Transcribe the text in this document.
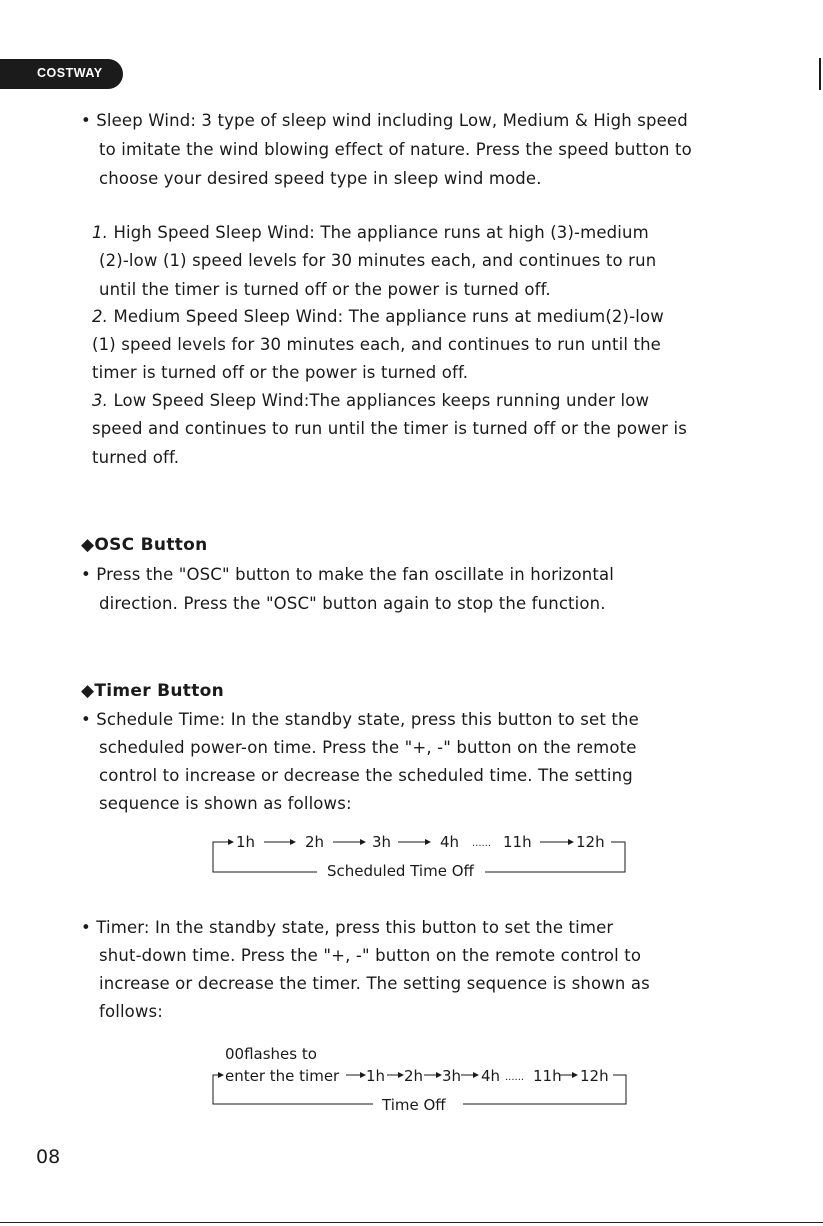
COSTWAY
• Sleep Wind: 3 type of sleep wind including Low, Medium & High speed
to imitate the wind blowing effect of nature. Press the speed button to
choose your desired speed type in sleep wind mode.
1. High Speed Sleep Wind: The appliance runs at high (3)-medium
(2)-low (1) speed levels for 30 minutes each, and continues to run
until the timer is turned off or the power is turned off.
2. Medium Speed Sleep Wind: The appliance runs at medium(2)-low
(1) speed levels for 30 minutes each, and continues to run until the
timer is turned off or the power is turned off.
3. Low Speed Sleep Wind:The appliances keeps running under low
speed and continues to run until the timer is turned off or the power is
turned off.
◆OSC Button
• Press the "OSC" button to make the fan oscillate in horizontal
direction. Press the "OSC" button again to stop the function.
◆Timer Button
• Schedule Time: In the standby state, press this button to set the
scheduled power-on time. Press the "+, -" button on the remote
control to increase or decrease the scheduled time. The setting
sequence is shown as follows:
1h	2h	3h	4h ...... 11h	12h
Scheduled Time Off
• Timer: In the standby state, press this button to set the timer
shut-down time. Press the "+, -" button on the remote control to
increase or decrease the timer. The setting sequence is shown as
follows:
00flashes to
enter the timer 1h 2h 3h 4h ...... 11h 12h
Time Off
08
